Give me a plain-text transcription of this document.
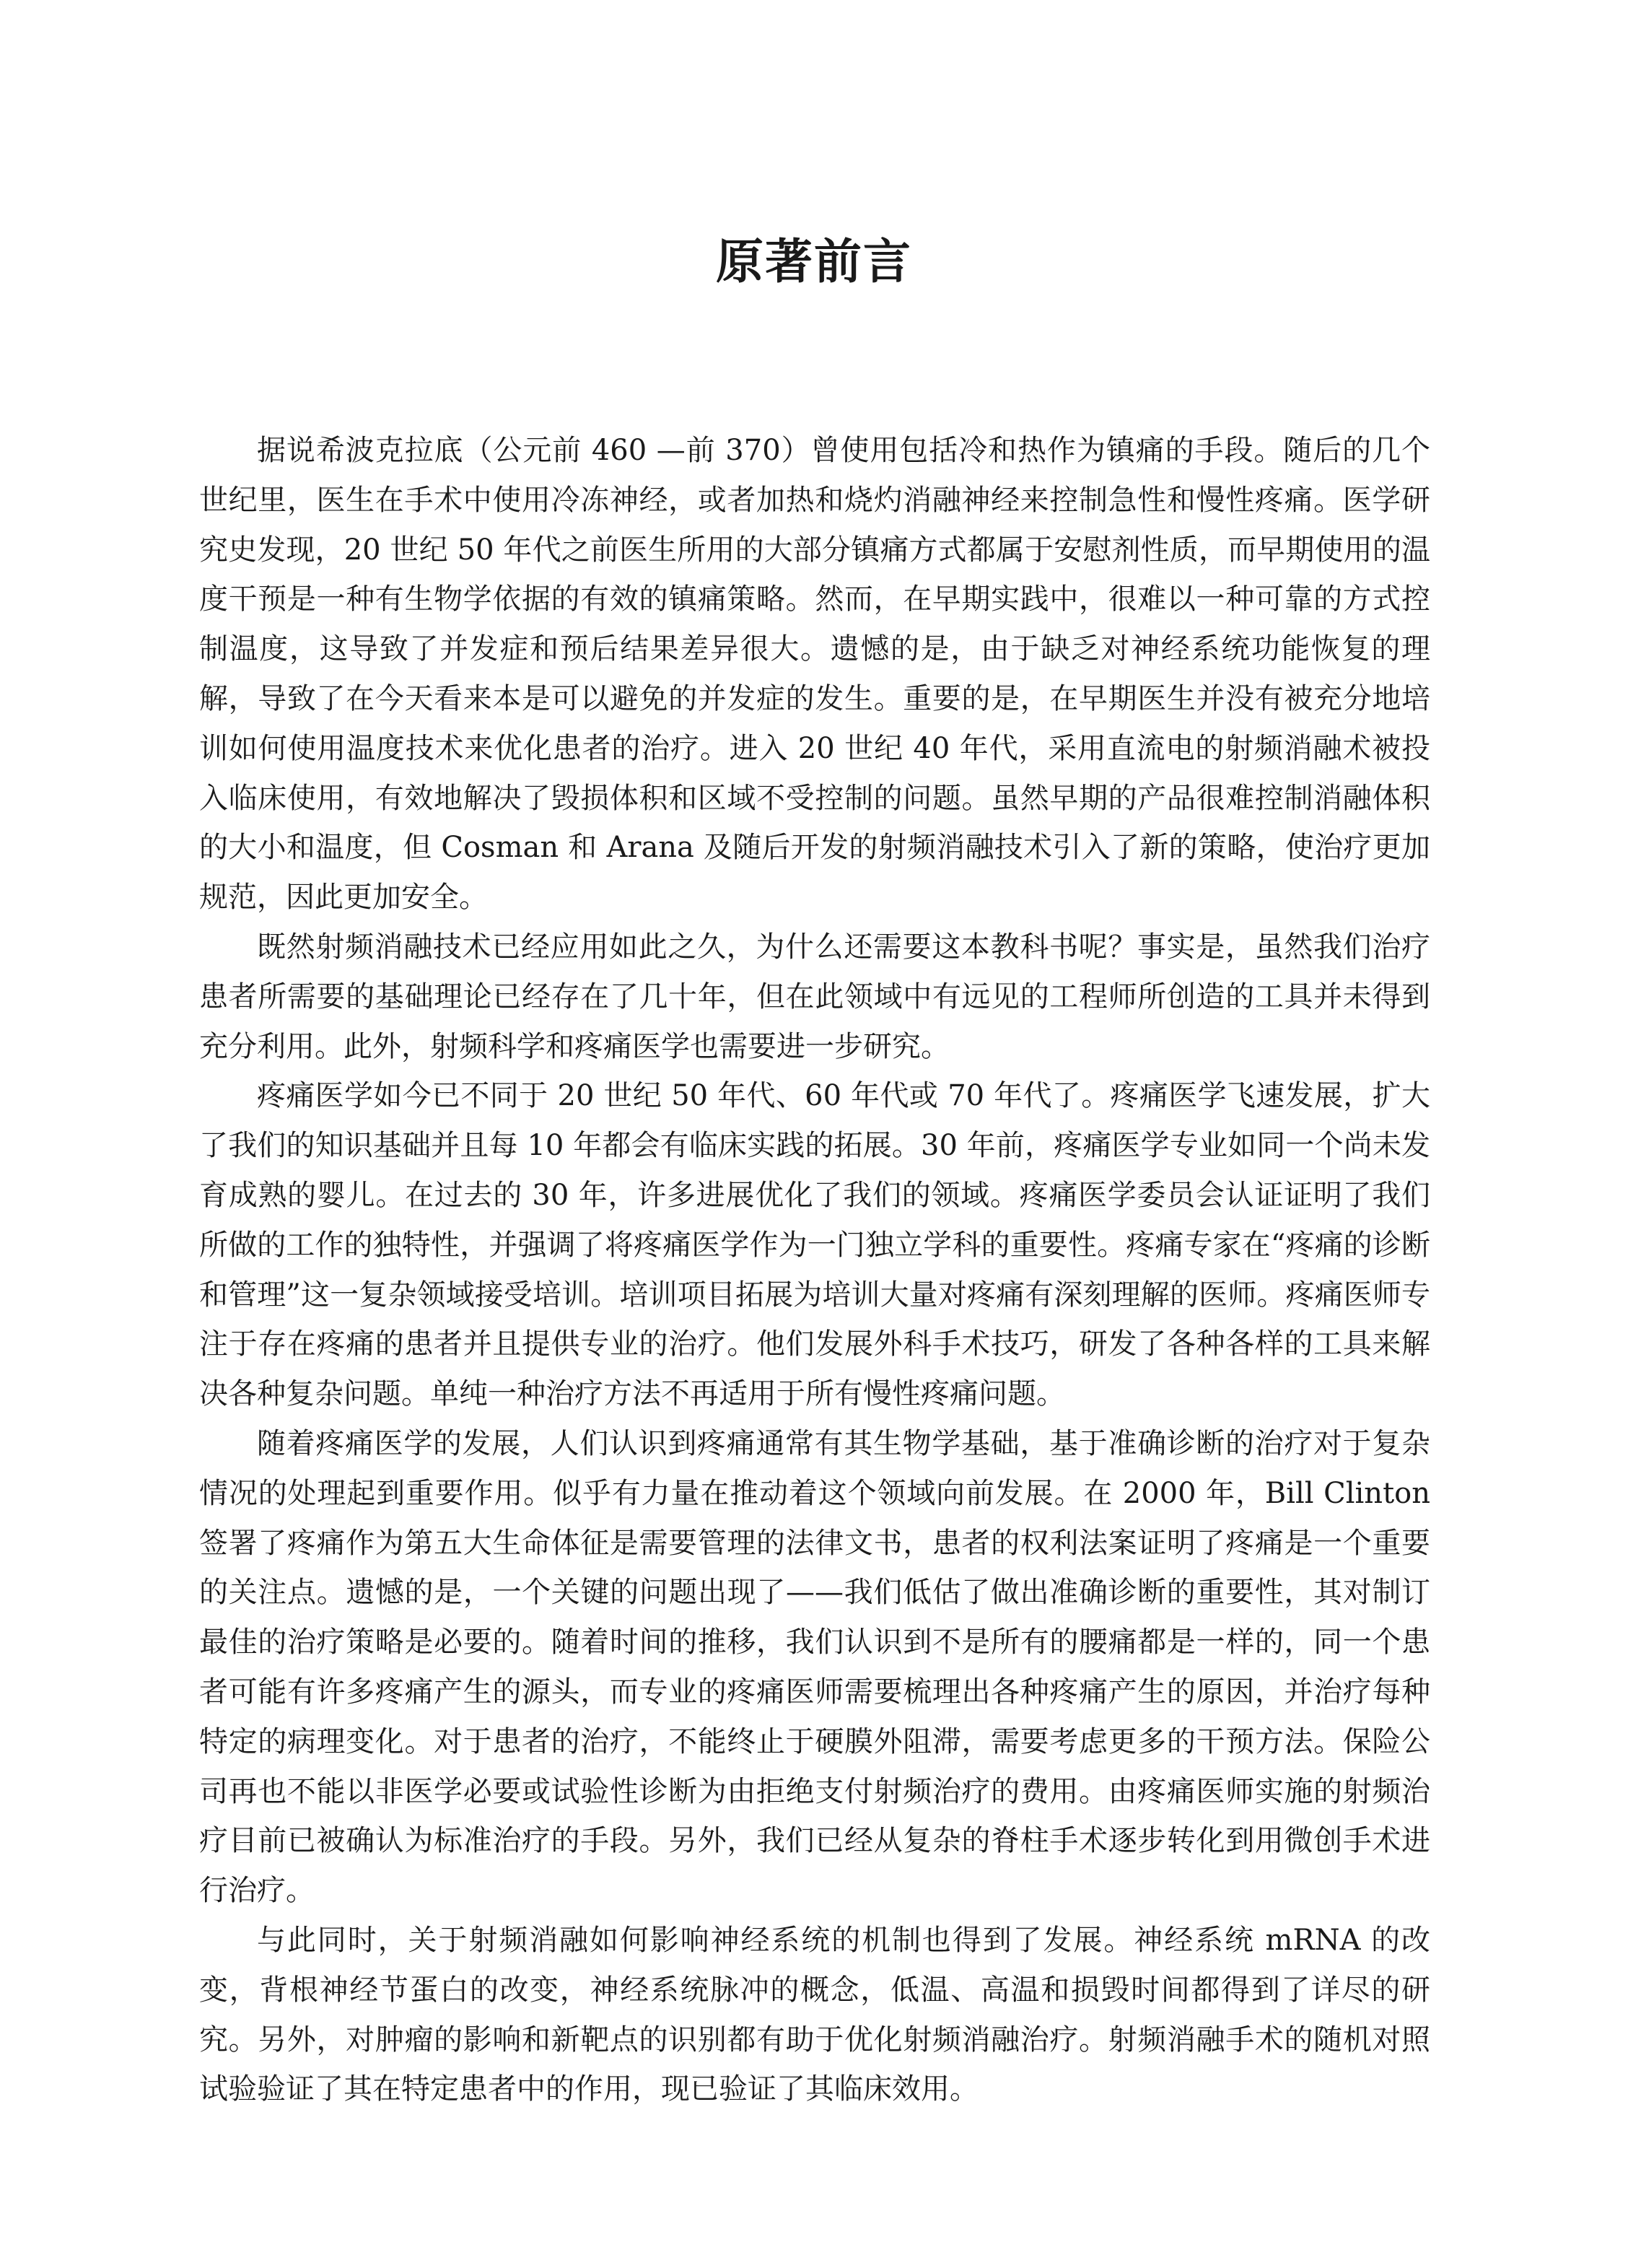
原著前言

据说希波克拉底（公元前 460 —前 370）曾使用包括冷和热作为镇痛的手段。随后的几个世纪里，医生在手术中使用冷冻神经，或者加热和烧灼消融神经来控制急性和慢性疼痛。医学研究史发现，20 世纪 50 年代之前医生所用的大部分镇痛方式都属于安慰剂性质，而早期使用的温度干预是一种有生物学依据的有效的镇痛策略。然而，在早期实践中，很难以一种可靠的方式控制温度，这导致了并发症和预后结果差异很大。遗憾的是，由于缺乏对神经系统功能恢复的理解，导致了在今天看来本是可以避免的并发症的发生。重要的是，在早期医生并没有被充分地培训如何使用温度技术来优化患者的治疗。进入 20 世纪 40 年代，采用直流电的射频消融术被投入临床使用，有效地解决了毁损体积和区域不受控制的问题。虽然早期的产品很难控制消融体积的大小和温度，但 Cosman 和 Arana 及随后开发的射频消融技术引入了新的策略，使治疗更加规范，因此更加安全。

既然射频消融技术已经应用如此之久，为什么还需要这本教科书呢？事实是，虽然我们治疗患者所需要的基础理论已经存在了几十年，但在此领域中有远见的工程师所创造的工具并未得到充分利用。此外，射频科学和疼痛医学也需要进一步研究。

疼痛医学如今已不同于 20 世纪 50 年代、60 年代或 70 年代了。疼痛医学飞速发展，扩大了我们的知识基础并且每 10 年都会有临床实践的拓展。30 年前，疼痛医学专业如同一个尚未发育成熟的婴儿。在过去的 30 年，许多进展优化了我们的领域。疼痛医学委员会认证证明了我们所做的工作的独特性，并强调了将疼痛医学作为一门独立学科的重要性。疼痛专家在“疼痛的诊断和管理”这一复杂领域接受培训。培训项目拓展为培训大量对疼痛有深刻理解的医师。疼痛医师专注于存在疼痛的患者并且提供专业的治疗。他们发展外科手术技巧，研发了各种各样的工具来解决各种复杂问题。单纯一种治疗方法不再适用于所有慢性疼痛问题。

随着疼痛医学的发展，人们认识到疼痛通常有其生物学基础，基于准确诊断的治疗对于复杂情况的处理起到重要作用。似乎有力量在推动着这个领域向前发展。在 2000 年，Bill Clinton 签署了疼痛作为第五大生命体征是需要管理的法律文书，患者的权利法案证明了疼痛是一个重要的关注点。遗憾的是，一个关键的问题出现了——我们低估了做出准确诊断的重要性，其对制订最佳的治疗策略是必要的。随着时间的推移，我们认识到不是所有的腰痛都是一样的，同一个患者可能有许多疼痛产生的源头，而专业的疼痛医师需要梳理出各种疼痛产生的原因，并治疗每种特定的病理变化。对于患者的治疗，不能终止于硬膜外阻滞，需要考虑更多的干预方法。保险公司再也不能以非医学必要或试验性诊断为由拒绝支付射频治疗的费用。由疼痛医师实施的射频治疗目前已被确认为标准治疗的手段。另外，我们已经从复杂的脊柱手术逐步转化到用微创手术进行治疗。

与此同时，关于射频消融如何影响神经系统的机制也得到了发展。神经系统 mRNA 的改变，背根神经节蛋白的改变，神经系统脉冲的概念，低温、高温和损毁时间都得到了详尽的研究。另外，对肿瘤的影响和新靶点的识别都有助于优化射频消融治疗。射频消融手术的随机对照试验验证了其在特定患者中的作用，现已验证了其临床效用。
